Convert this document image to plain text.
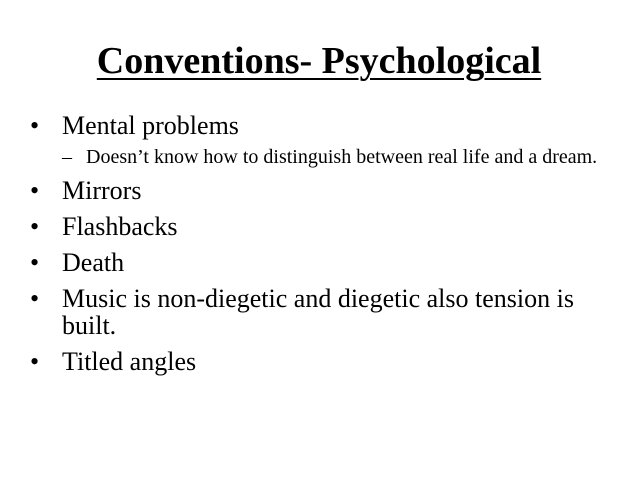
Conventions- Psychological
• Mental problems
– Doesn’t know how to distinguish between real life and a dream.
• Mirrors
• Flashbacks
• Death
• Music is non-diegetic and diegetic also tension is built.
• Titled angles
